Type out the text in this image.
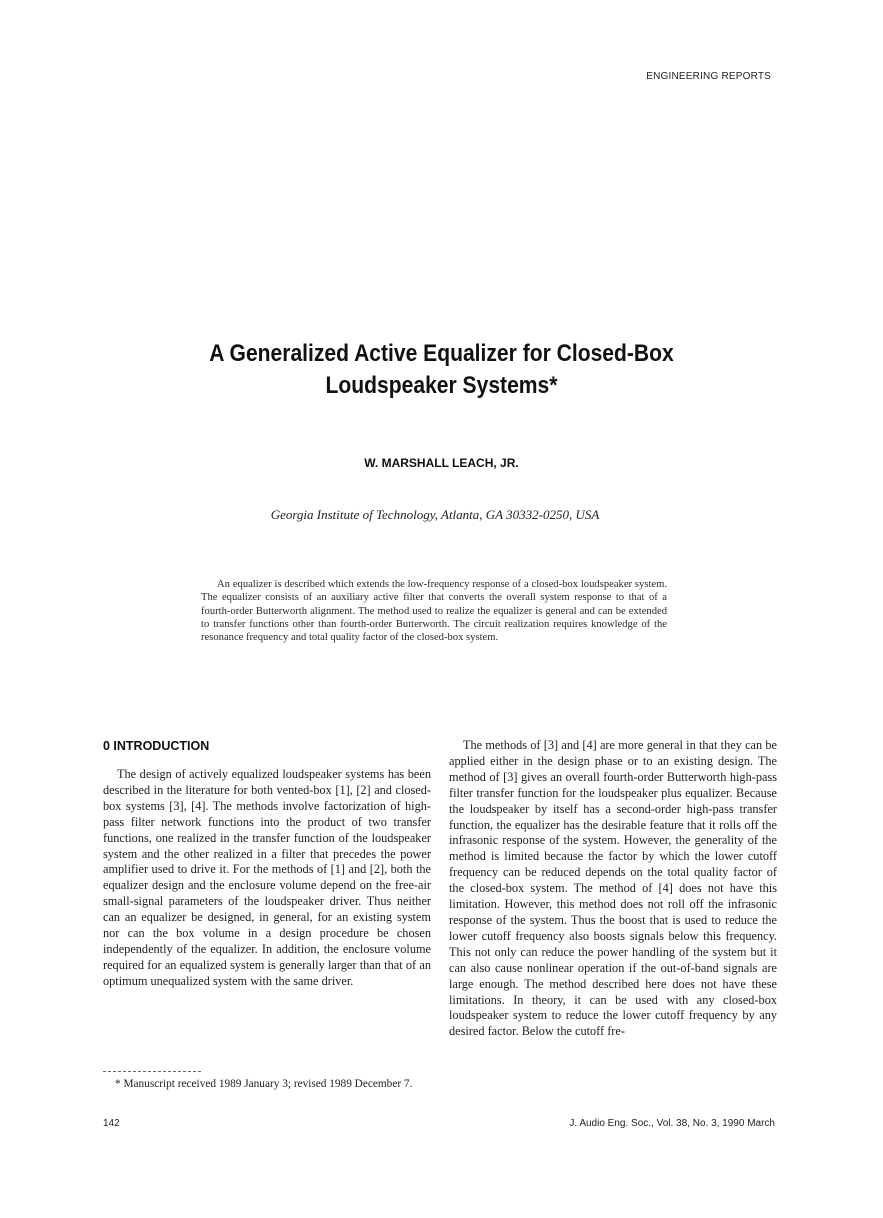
ENGINEERING REPORTS
A Generalized Active Equalizer for Closed-Box
Loudspeaker Systems*
W. MARSHALL LEACH, JR.
Georgia Institute of Technology, Atlanta, GA 30332-0250, USA

An equalizer is described which extends the low-frequency response of a closed-box loudspeaker system. The equalizer consists of an auxiliary active filter that converts the overall system response to that of a fourth-order Butterworth alignment. The method used to realize the equalizer is general and can be extended to transfer functions other than fourth-order Butterworth. The circuit realization requires knowledge of the resonance frequency and total quality factor of the closed-box system.

0 INTRODUCTION

The design of actively equalized loudspeaker systems has been described in the literature for both vented-box [1], [2] and closed-box systems [3], [4]. The methods involve factorization of high-pass filter network functions into the product of two transfer functions, one realized in the transfer function of the loudspeaker system and the other realized in a filter that precedes the power amplifier used to drive it. For the methods of [1] and [2], both the equalizer design and the enclosure volume depend on the free-air small-signal parameters of the loudspeaker driver. Thus neither can an equalizer be designed, in general, for an existing system nor can the box volume in a design procedure be chosen independently of the equalizer. In addition, the enclosure volume required for an equalized system is generally larger than that of an optimum unequalized system with the same driver.

The methods of [3] and [4] are more general in that they can be applied either in the design phase or to an existing design. The method of [3] gives an overall fourth-order Butterworth high-pass filter transfer function for the loudspeaker plus equalizer. Because the loudspeaker by itself has a second-order high-pass transfer function, the equalizer has the desirable feature that it rolls off the infrasonic response of the system. However, the generality of the method is limited because the factor by which the lower cutoff frequency can be reduced depends on the total quality factor of the closed-box system. The method of [4] does not have this limitation. However, this method does not roll off the infrasonic response of the system. Thus the boost that is used to reduce the lower cutoff frequency also boosts signals below this frequency. This not only can reduce the power handling of the system but it can also cause nonlinear operation if the out-of-band signals are large enough. The method described here does not have these limitations. In theory, it can be used with any closed-box loudspeaker system to reduce the lower cutoff frequency by any desired factor. Below the cutoff fre-

* Manuscript received 1989 January 3; revised 1989 December 7.
142	J. Audio Eng. Soc., Vol. 38, No. 3, 1990 March
